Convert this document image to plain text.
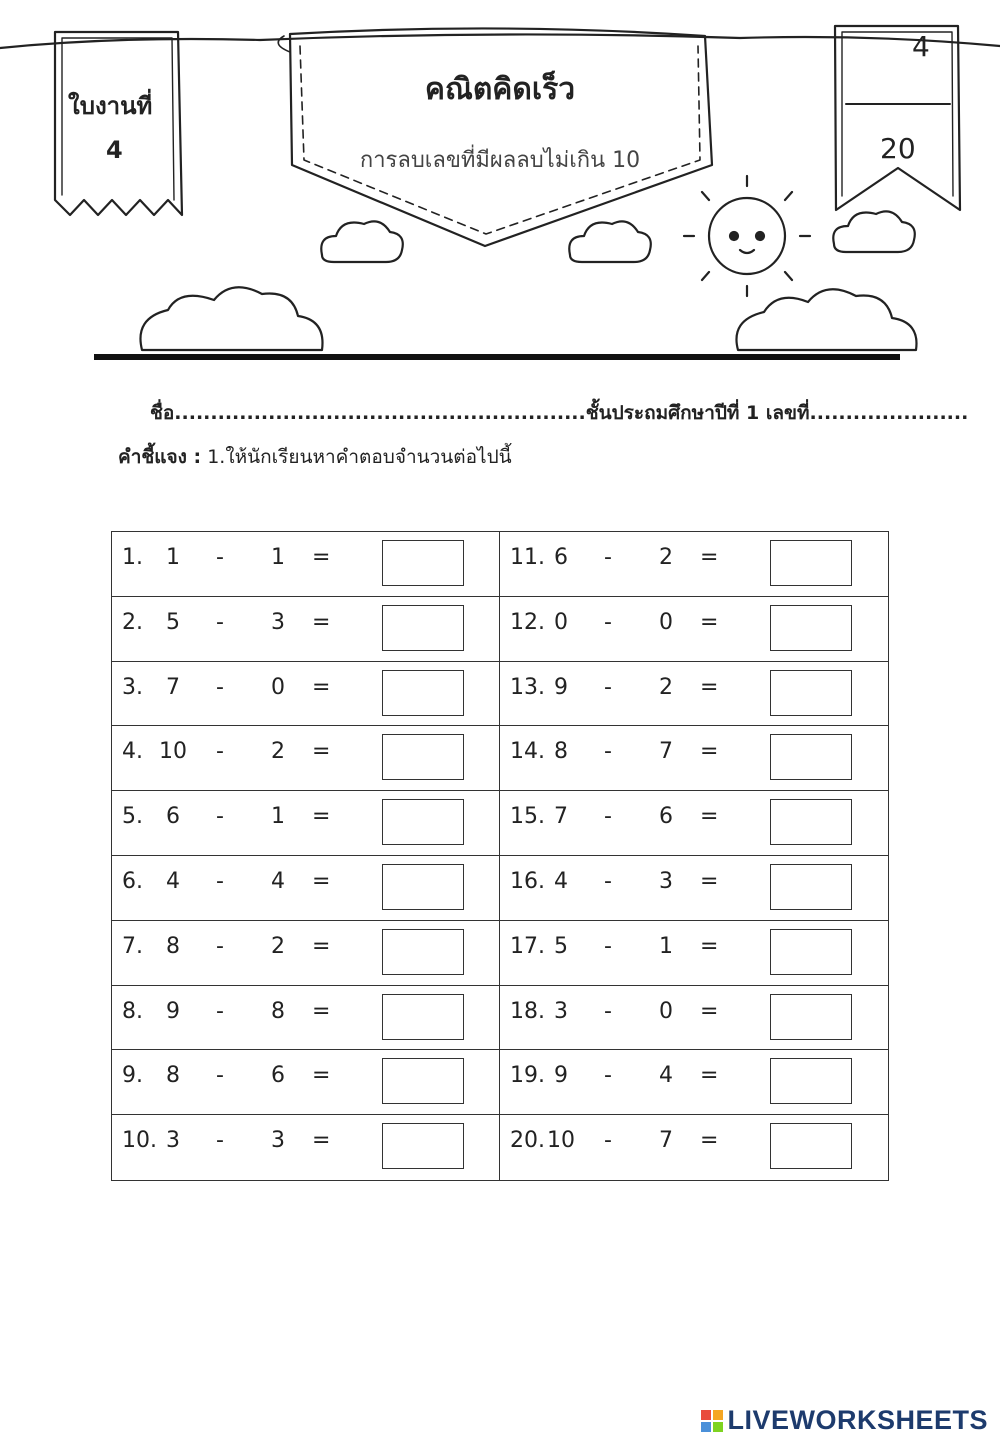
ใบงานที่
4
คณิตคิดเร็ว
การลบเลขที่มีผลลบไม่เกิน 10
4
20
ชื่อ.........................................................ชั้นประถมศึกษาปีที่ 1 เลขที่......................
คำชี้แจง : 1.ให้นักเรียนหาคำตอบจำนวนต่อไปนี้
1.	1	- 1 =
2.	5	- 3 =
3.	7	- 0 =
4. 10 - 2 =
5.	6	- 1 =
6.	4	- 4 =
7.	8	- 2 =
8.	9	- 8 =
9.	8	- 6 =
10. 3	- 3 =
11. 6	- 2 =
12. 0	- 0 =
13. 9	- 2 =
14. 8	- 7 =
15. 7	- 6 =
16. 4	- 3 =
17. 5	- 1 =
18. 3	- 0 =
19. 9	- 4 =
20. 10 - 7 =
LIVEWORKSHEETS
